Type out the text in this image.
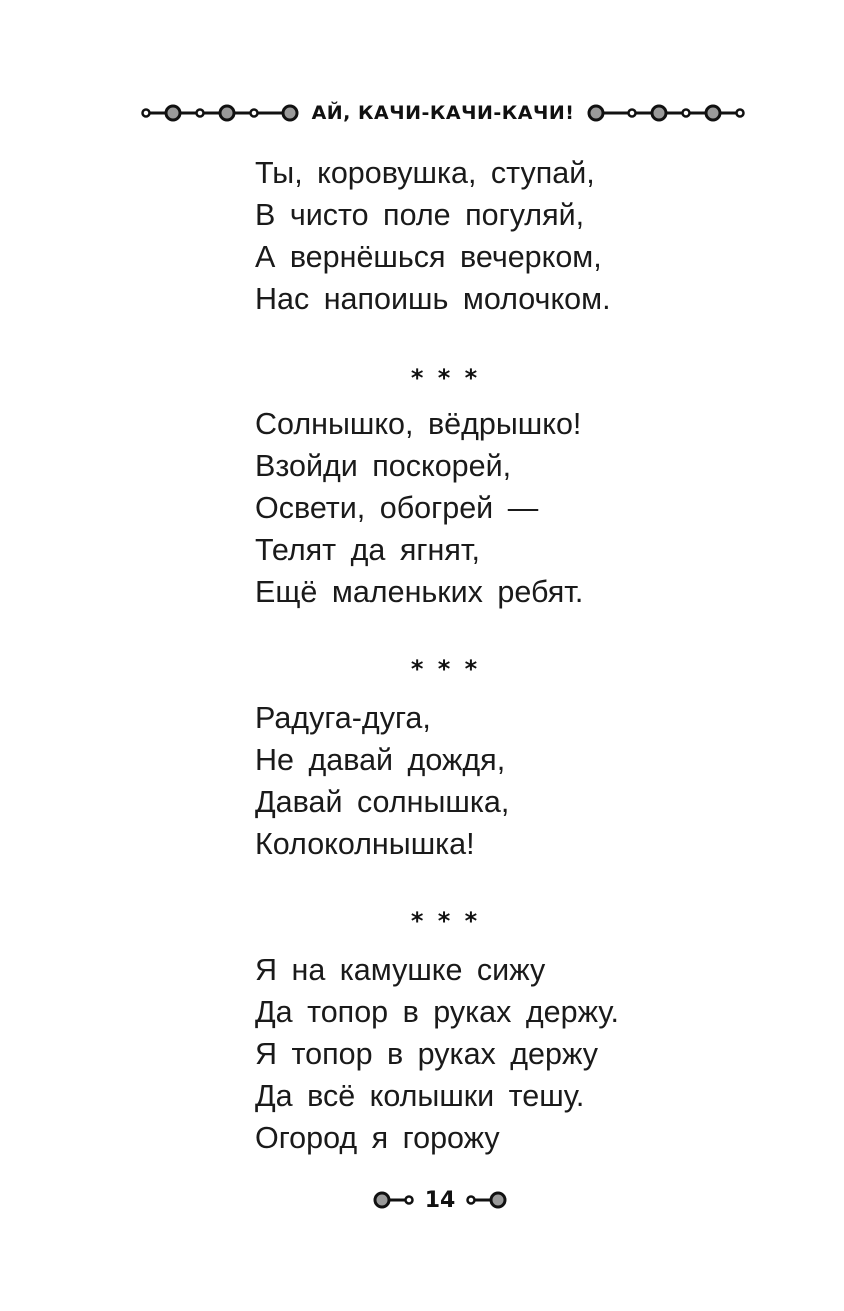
АЙ, КАЧИ-КАЧИ-КАЧИ!
Ты, коровушка, ступай,
В чисто поле погуляй,
А вернёшься вечерком,
Нас напоишь молочком.
* * *
Солнышко, вёдрышко!
Взойди поскорей,
Освети, обогрей —
Телят да ягнят,
Ещё маленьких ребят.
* * *
Радуга-дуга,
Не давай дождя,
Давай солнышка,
Колоколнышка!
* * *
Я на камушке сижу
Да топор в руках держу.
Я топор в руках держу
Да всё колышки тешу.
Огород я горожу
14
